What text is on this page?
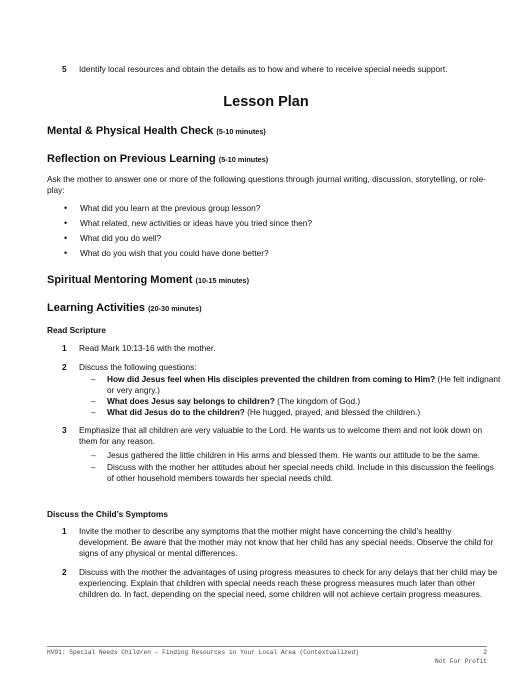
5 Identify local resources and obtain the details as to how and where to receive special needs support.
Lesson Plan
Mental & Physical Health Check (5-10 minutes)
Reflection on Previous Learning (5-10 minutes)
Ask the mother to answer one or more of the following questions through journal writing, discussion, storytelling, or role-play:
• What did you learn at the previous group lesson?
• What related, new activities or ideas have you tried since then?
• What did you do well?
• What do you wish that you could have done better?
Spiritual Mentoring Moment (10-15 minutes)
Learning Activities (20-30 minutes)
Read Scripture
1 Read Mark 10:13-16 with the mother.
2 Discuss the following questions:
– How did Jesus feel when His disciples prevented the children from coming to Him? (He felt indignant or very angry.)
– What does Jesus say belongs to children? (The kingdom of God.)
– What did Jesus do to the children? (He hugged, prayed, and blessed the children.)
3 Emphasize that all children are very valuable to the Lord. He wants us to welcome them and not look down on them for any reason.
– Jesus gathered the little children in His arms and blessed them. He wants our attitude to be the same.
– Discuss with the mother her attitudes about her special needs child. Include in this discussion the feelings of other household members towards her special needs child.
Discuss the Child’s Symptoms
1 Invite the mother to describe any symptoms that the mother might have concerning the child’s healthy development. Be aware that the mother may not know that her child has any special needs. Observe the child for signs of any physical or mental differences.
2 Discuss with the mother the advantages of using progress measures to check for any delays that her child may be experiencing. Explain that children with special needs reach these progress measures much later than other children do. In fact, depending on the special need, some children will not achieve certain progress measures.
HV91: Special Needs Children – Finding Resources in Your Local Area (Contextualized)	2
Not For Profit
